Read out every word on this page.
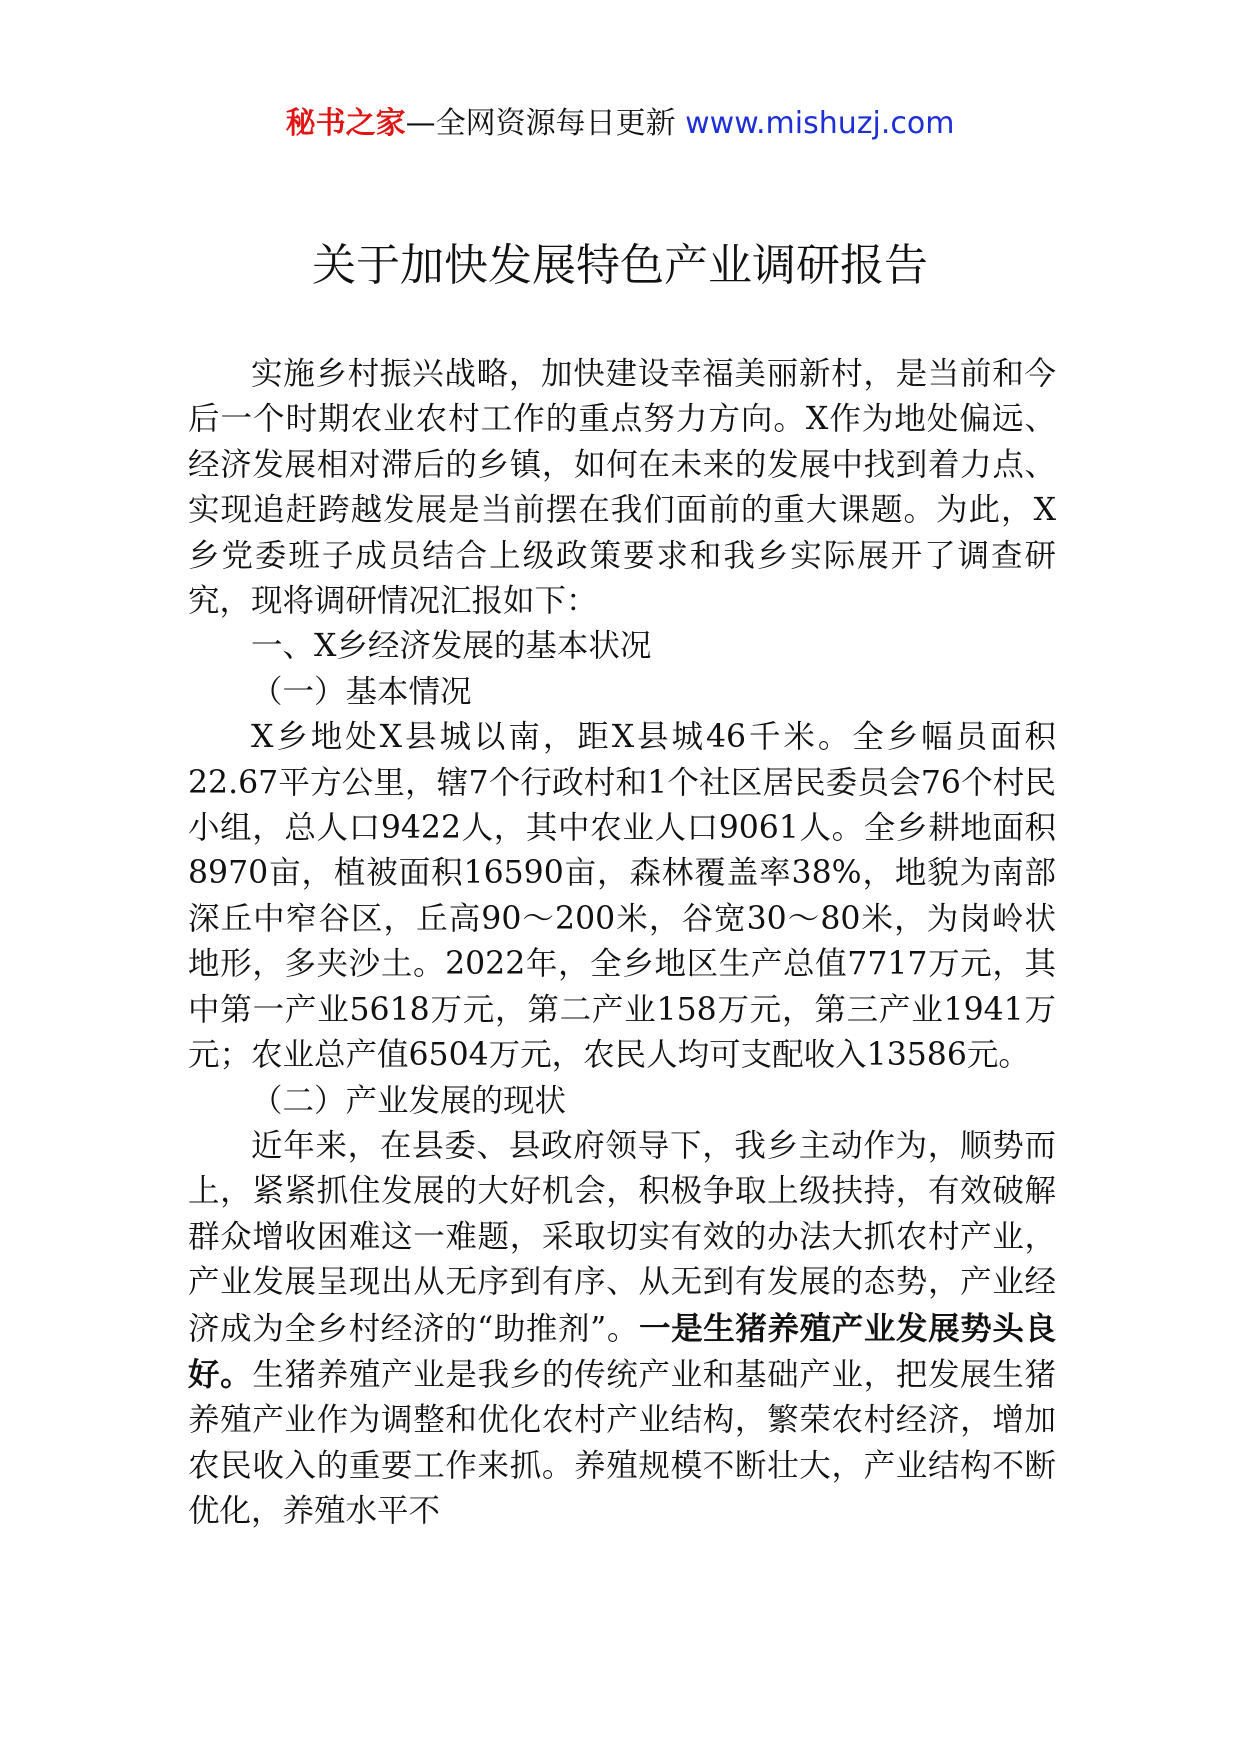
秘书之家—全网资源每日更新 www.mishuzj.com
关于加快发展特色产业调研报告

实施乡村振兴战略，加快建设幸福美丽新村，是当前和今后一个时期农业农村工作的重点努力方向。X作为地处偏远、经济发展相对滞后的乡镇，如何在未来的发展中找到着力点、实现追赶跨越发展是当前摆在我们面前的重大课题。为此，X乡党委班子成员结合上级政策要求和我乡实际展开了调查研究，现将调研情况汇报如下：

一、X乡经济发展的基本状况

（一）基本情况

X乡地处X县城以南，距X县城46千米。全乡幅员面积22.67平方公里，辖7个行政村和1个社区居民委员会76个村民小组，总人口9422人，其中农业人口9061人。全乡耕地面积8970亩，植被面积16590亩，森林覆盖率38%，地貌为南部深丘中窄谷区，丘高90～200米，谷宽30～80米，为岗岭状地形，多夹沙土。2022年，全乡地区生产总值7717万元，其中第一产业5618万元，第二产业158万元，第三产业1941万元；农业总产值6504万元，农民人均可支配收入13586元。

（二）产业发展的现状

近年来，在县委、县政府领导下，我乡主动作为，顺势而上，紧紧抓住发展的大好机会，积极争取上级扶持，有效破解群众增收困难这一难题，采取切实有效的办法大抓农村产业，产业发展呈现出从无序到有序、从无到有发展的态势，产业经济成为全乡村经济的“助推剂”。一是生猪养殖产业发展势头良好。生猪养殖产业是我乡的传统产业和基础产业，把发展生猪养殖产业作为调整和优化农村产业结构，繁荣农村经济，增加农民收入的重要工作来抓。养殖规模不断壮大，产业结构不断优化，养殖水平不
